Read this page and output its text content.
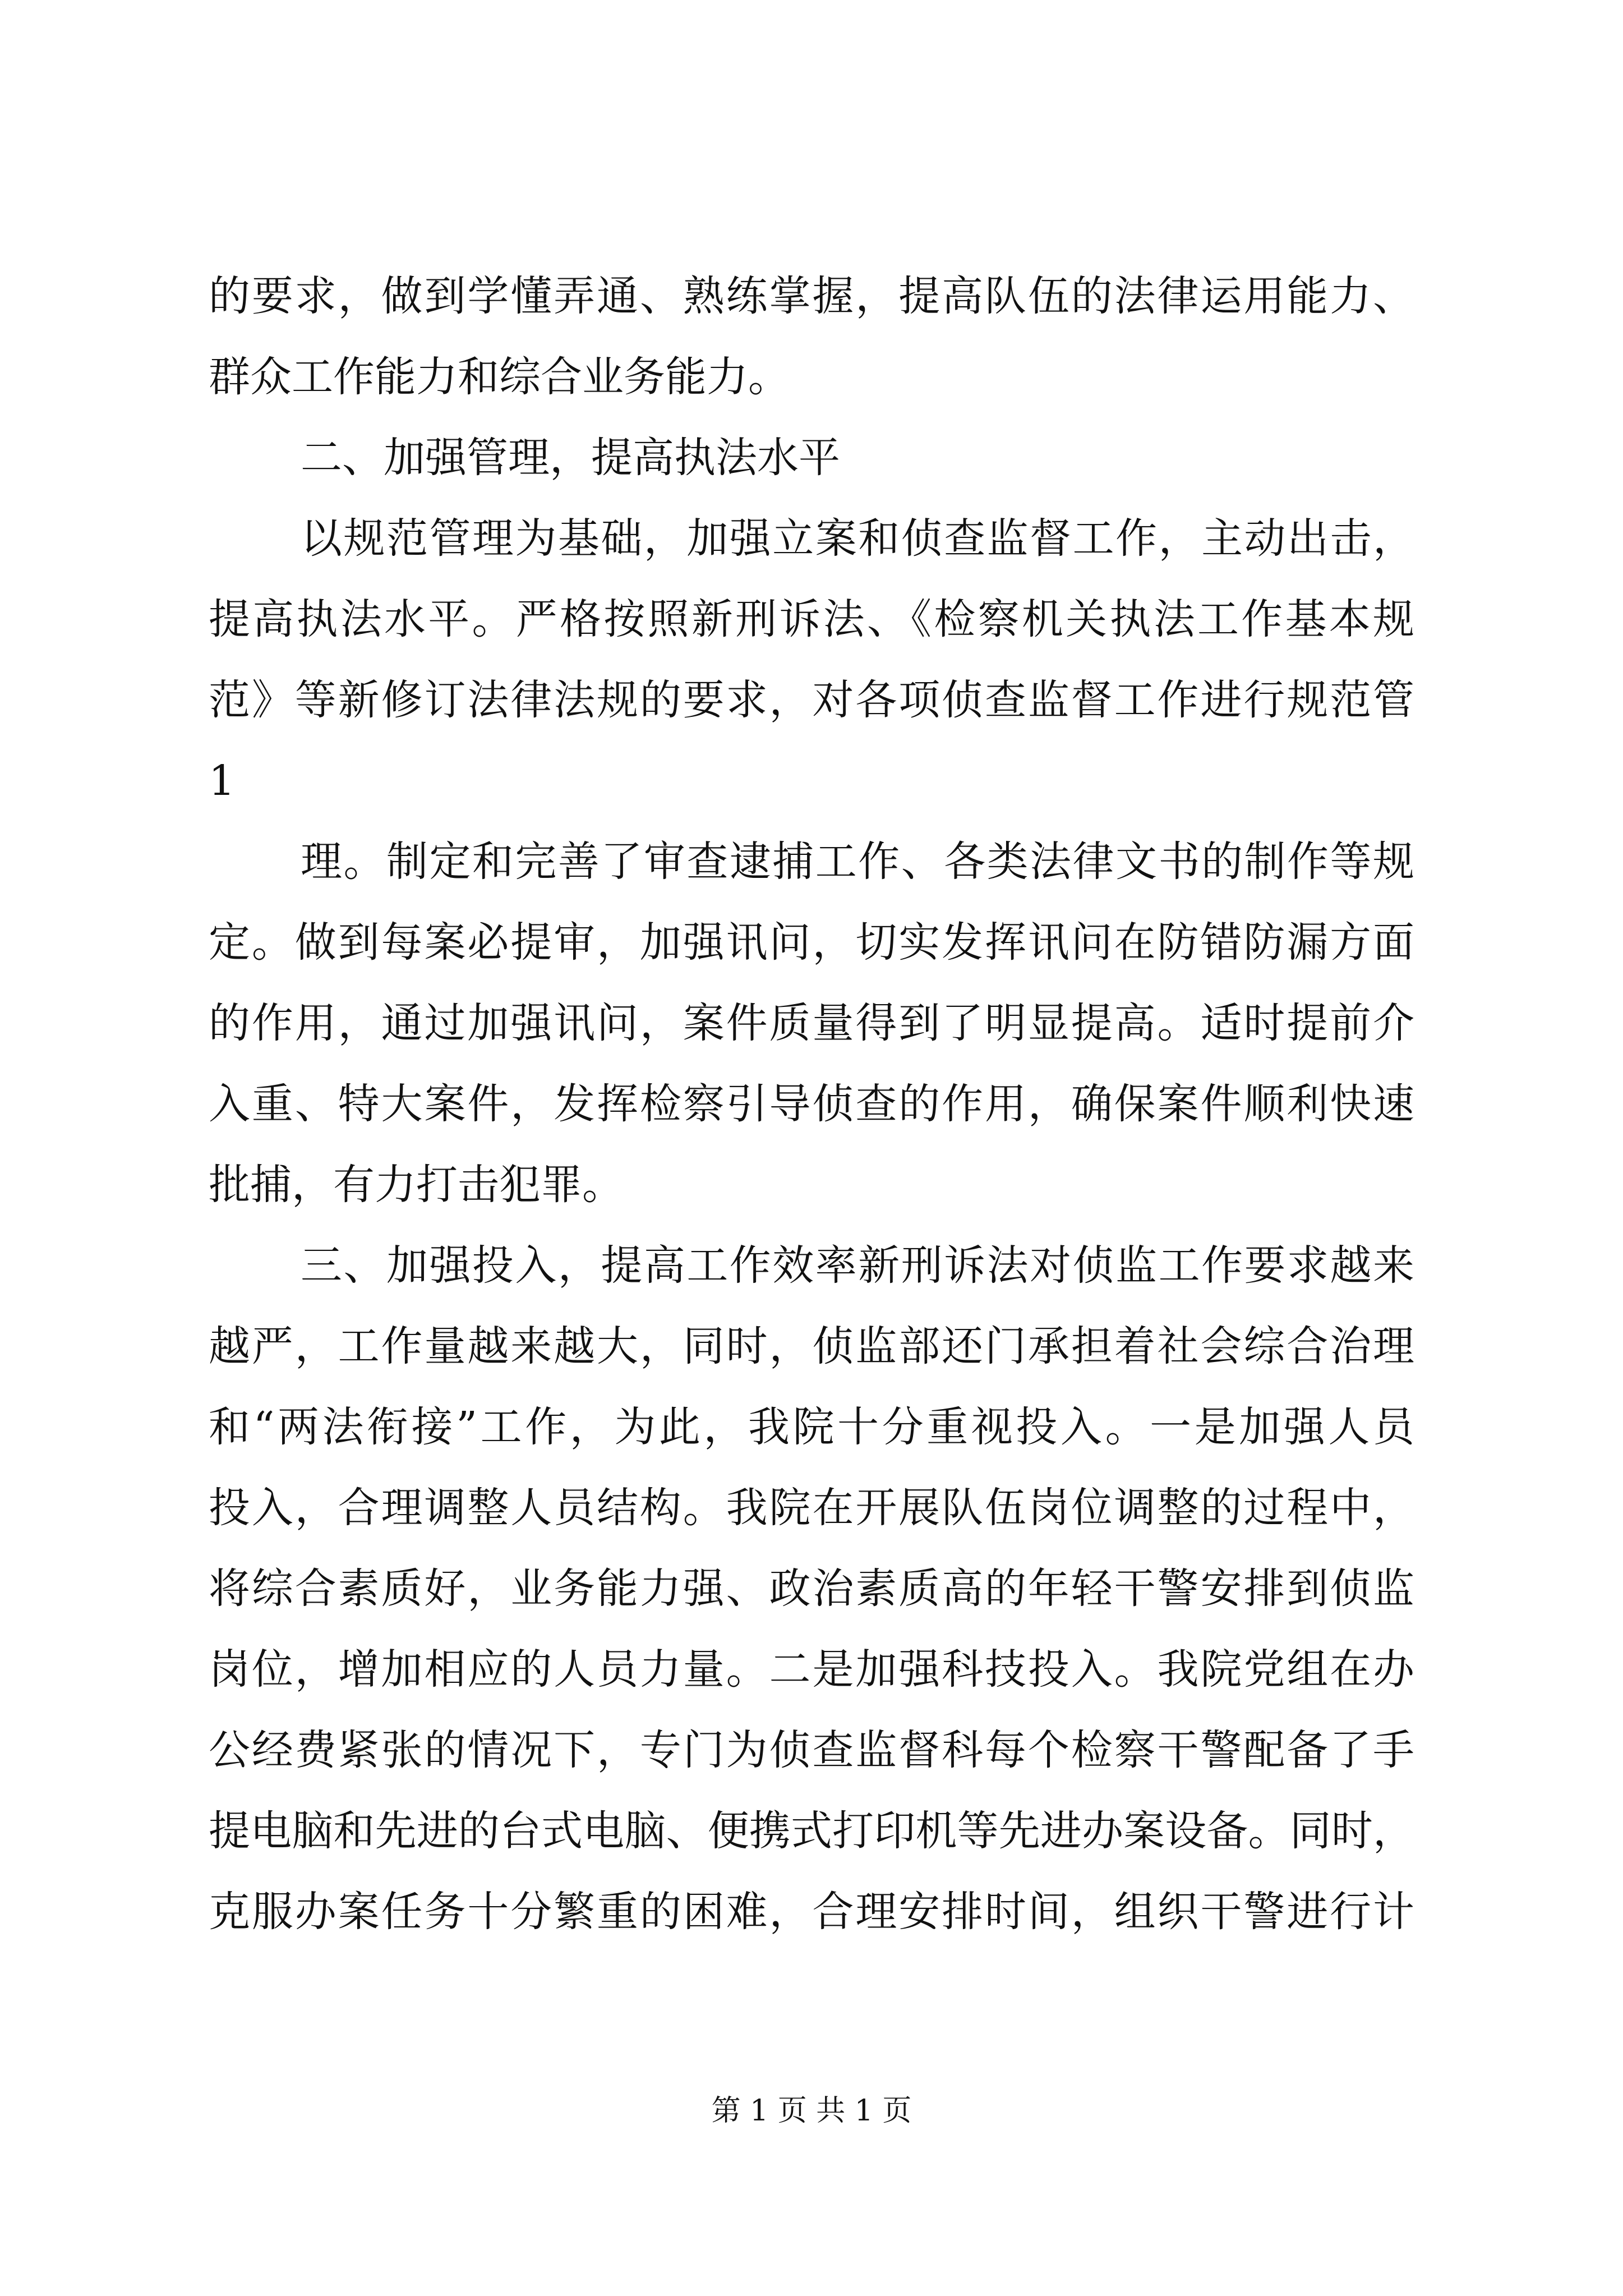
的要求，做到学懂弄通、熟练掌握，提高队伍的法律运用能力、
群众工作能力和综合业务能力。
二、加强管理，提高执法水平
以规范管理为基础，加强立案和侦查监督工作，主动出击，
提高执法水平。严格按照新刑诉法、《检察机关执法工作基本规
范》等新修订法律法规的要求，对各项侦查监督工作进行规范管
1
理。制定和完善了审查逮捕工作、各类法律文书的制作等规
定。做到每案必提审，加强讯问，切实发挥讯问在防错防漏方面
的作用，通过加强讯问，案件质量得到了明显提高。适时提前介
入重、特大案件，发挥检察引导侦查的作用，确保案件顺利快速
批捕，有力打击犯罪。
三、加强投入，提高工作效率新刑诉法对侦监工作要求越来
越严，工作量越来越大，同时，侦监部还门承担着社会综合治理
和“两法衔接”工作，为此，我院十分重视投入。一是加强人员
投入，合理调整人员结构。我院在开展队伍岗位调整的过程中，
将综合素质好，业务能力强、政治素质高的年轻干警安排到侦监
岗位，增加相应的人员力量。二是加强科技投入。我院党组在办
公经费紧张的情况下，专门为侦查监督科每个检察干警配备了手
提电脑和先进的台式电脑、便携式打印机等先进办案设备。同时，
克服办案任务十分繁重的困难，合理安排时间，组织干警进行计
第 1 页 共 1 页
